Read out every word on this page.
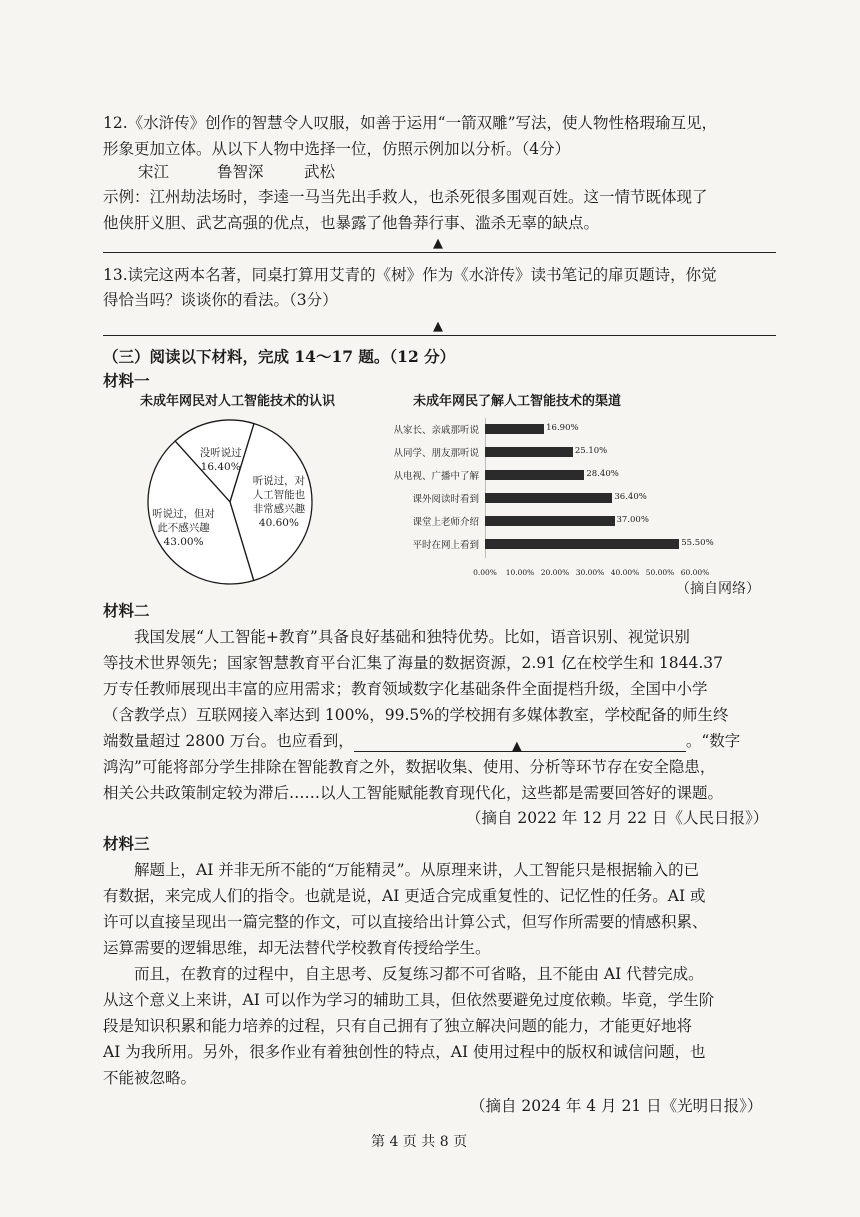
12.《水浒传》创作的智慧令人叹服，如善于运用“一箭双雕”写法，使人物性格瑕瑜互见，
形象更加立体。从以下人物中选择一位，仿照示例加以分析。（4分）
宋江	鲁智深	武松
示例：江州劫法场时，李逵一马当先出手救人，也杀死很多围观百姓。这一情节既体现了
他侠肝义胆、武艺高强的优点，也暴露了他鲁莽行事、滥杀无辜的缺点。
▲
13.读完这两本名著，同桌打算用艾青的《树》作为《水浒传》读书笔记的扉页题诗，你觉
得恰当吗？谈谈你的看法。（3分）
▲
（三）阅读以下材料，完成 14～17 题。（12 分）
材料一
未成年网民对人工智能技术的认识
没听说过
16.40%
听说过，对
人工智能也
非常感兴趣
40.60%
听说过，但对
此不感兴趣
43.00%
未成年网民了解人工智能技术的渠道
从家长、亲戚那听说	16.90%
从同学、朋友那听说	25.10%
从电视、广播中了解	28.40%
课外阅读时看到	36.40%
课堂上老师介绍	37.00%
平时在网上看到	55.50%
0.00%	10.00% 20.00% 30.00% 40.00% 50.00% 60.00%
（摘自网络）
材料二
我国发展“人工智能+教育”具备良好基础和独特优势。比如，语音识别、视觉识别
等技术世界领先；国家智慧教育平台汇集了海量的数据资源，2.91 亿在校学生和 1844.37
万专任教师展现出丰富的应用需求；教育领域数字化基础条件全面提档升级，全国中小学
（含教学点）互联网接入率达到 100%，99.5%的学校拥有多媒体教室，学校配备的师生终
端数量超过 2800 万台。也应看到，	▲	。“数字
鸿沟”可能将部分学生排除在智能教育之外，数据收集、使用、分析等环节存在安全隐患，
相关公共政策制定较为滞后……以人工智能赋能教育现代化，这些都是需要回答好的课题。
（摘自 2022 年 12 月 22 日《人民日报》）
材料三
解题上，AI 并非无所不能的“万能精灵”。从原理来讲，人工智能只是根据输入的已
有数据，来完成人们的指令。也就是说，AI 更适合完成重复性的、记忆性的任务。AI 或
许可以直接呈现出一篇完整的作文，可以直接给出计算公式，但写作所需要的情感积累、
运算需要的逻辑思维，却无法替代学校教育传授给学生。
而且，在教育的过程中，自主思考、反复练习都不可省略，且不能由 AI 代替完成。
从这个意义上来讲，AI 可以作为学习的辅助工具，但依然要避免过度依赖。毕竟，学生阶
段是知识积累和能力培养的过程，只有自己拥有了独立解决问题的能力，才能更好地将
AI 为我所用。另外，很多作业有着独创性的特点，AI 使用过程中的版权和诚信问题，也
不能被忽略。
（摘自 2024 年 4 月 21 日《光明日报》）
第 4 页 共 8 页
